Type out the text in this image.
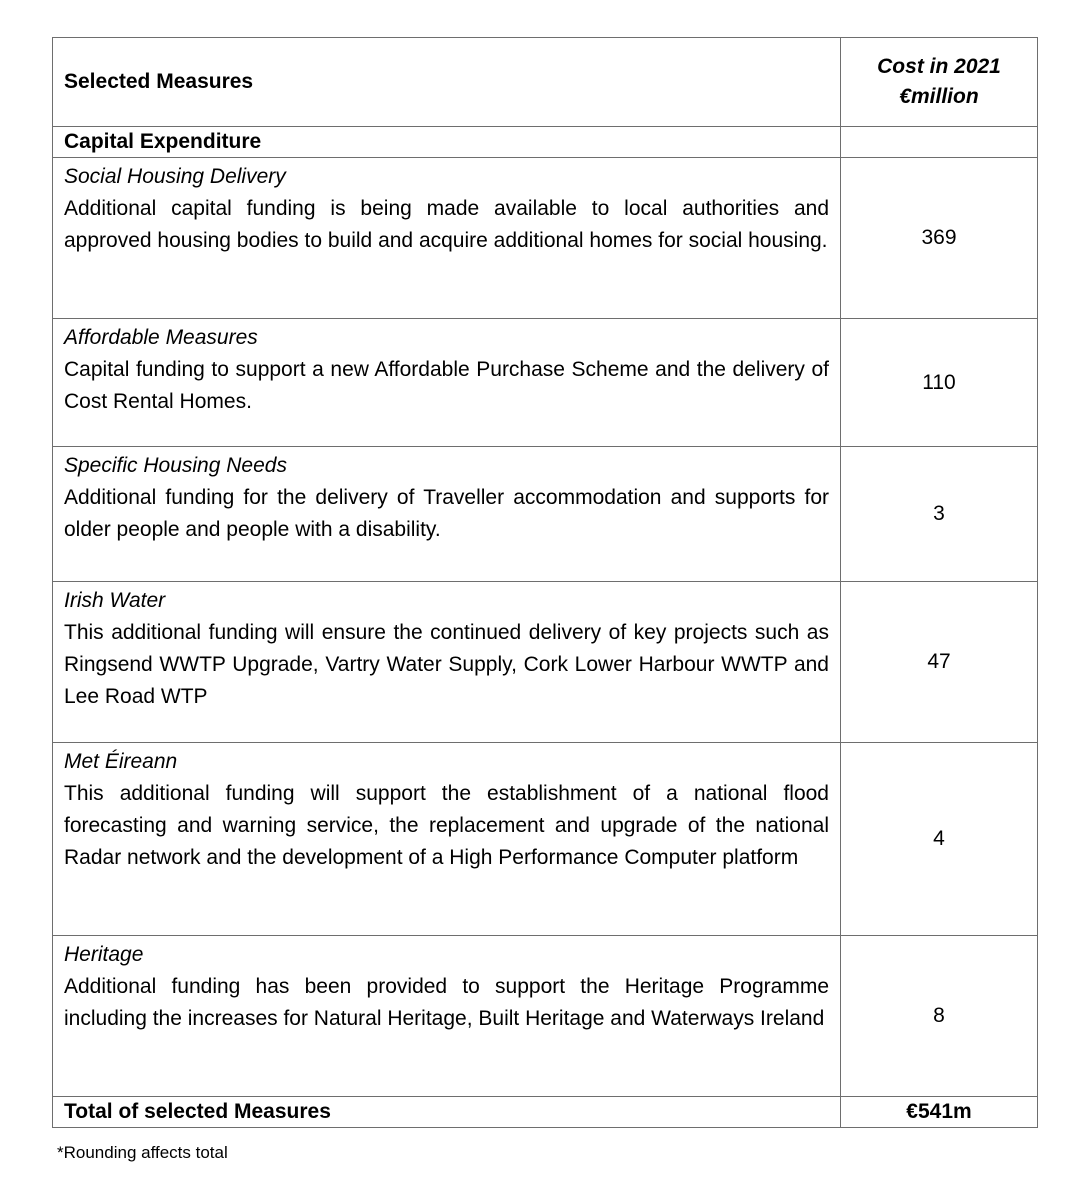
Selected Measures	Cost in 2021
€million

Capital Expenditure	

Social Housing Delivery
Additional capital funding is being made available to local authorities and approved housing bodies to build and acquire additional homes for social housing.	369

Affordable Measures
Capital funding to support a new Affordable Purchase Scheme and the delivery of Cost Rental Homes.	110

Specific Housing Needs
Additional funding for the delivery of Traveller accommodation and supports for older people and people with a disability.	3

Irish Water
This additional funding will ensure the continued delivery of key projects such as Ringsend WWTP Upgrade, Vartry Water Supply, Cork Lower Harbour WWTP and Lee Road WTP	47

Met Éireann
This additional funding will support the establishment of a national flood forecasting and warning service, the replacement and upgrade of the national Radar network and the development of a High Performance Computer platform	4

Heritage
Additional funding has been provided to support the Heritage Programme including the increases for Natural Heritage, Built Heritage and Waterways Ireland	8
Total of selected Measures	€541m
*Rounding affects total
